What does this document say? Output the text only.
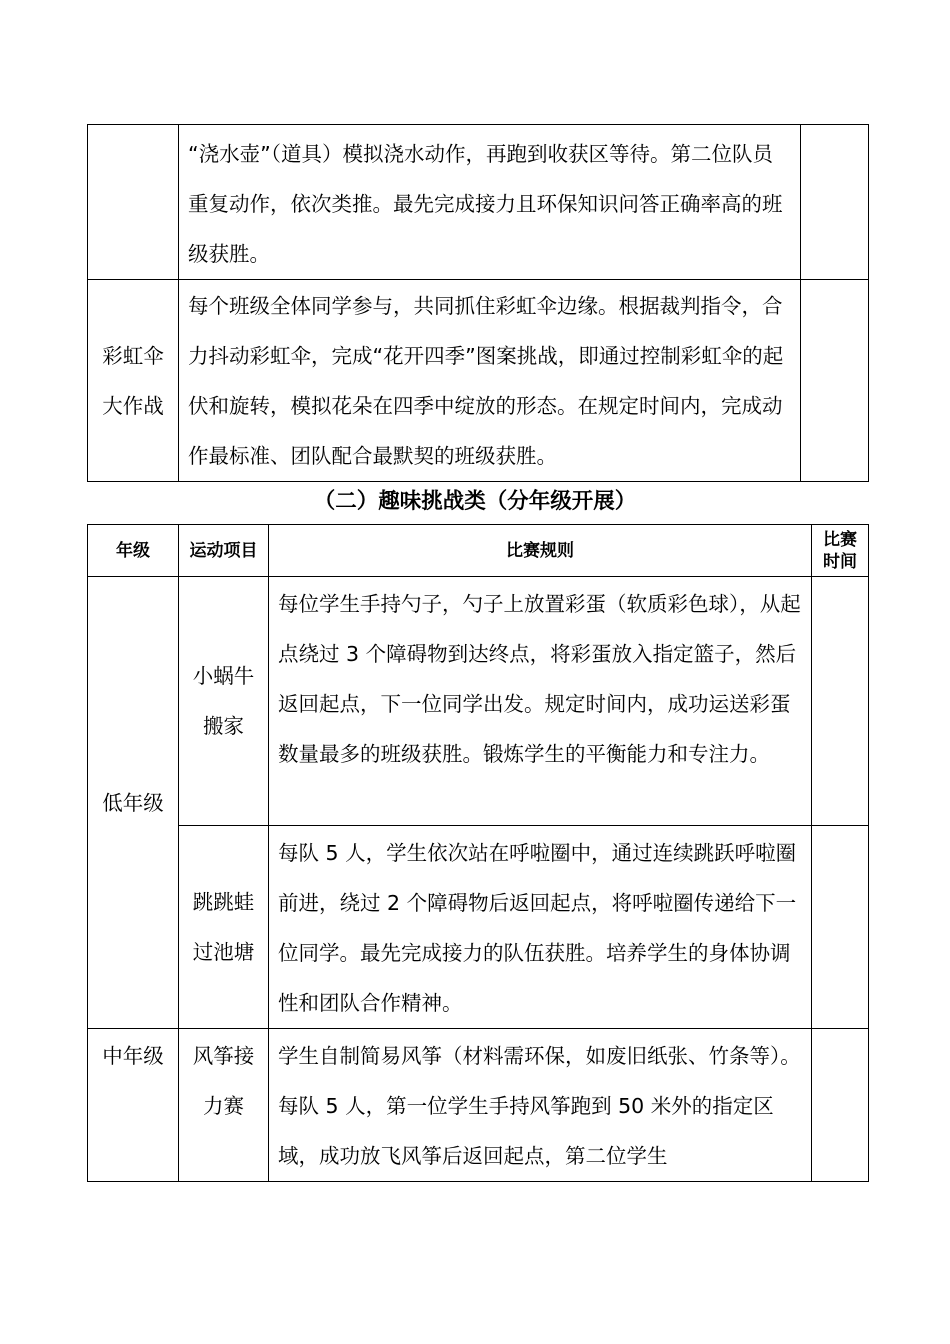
	“浇水壶”（道具）模拟浇水动作，再跑到收获区等待。第二位队员重复动作，依次类推。最先完成接力且环保知识问答正确率高的班级获胜。	
彩虹伞大作战	每个班级全体同学参与，共同抓住彩虹伞边缘。根据裁判指令，合力抖动彩虹伞，完成“花开四季”图案挑战，即通过控制彩虹伞的起伏和旋转，模拟花朵在四季中绽放的形态。在规定时间内，完成动作最标准、团队配合最默契的班级获胜。	
（二）趣味挑战类（分年级开展）
年级	运动项目	比赛规则	比赛时间
低年级	小蜗牛搬家	每位学生手持勺子，勺子上放置彩蛋（软质彩色球），从起点绕过 3 个障碍物到达终点，将彩蛋放入指定篮子，然后返回起点，下一位同学出发。规定时间内，成功运送彩蛋数量最多的班级获胜。锻炼学生的平衡能力和专注力。	
	跳跳蛙过池塘	每队 5 人，学生依次站在呼啦圈中，通过连续跳跃呼啦圈前进，绕过 2 个障碍物后返回起点，将呼啦圈传递给下一位同学。最先完成接力的队伍获胜。培养学生的身体协调性和团队合作精神。	
中年级	风筝接力赛	学生自制简易风筝（材料需环保，如废旧纸张、竹条等）。每队 5 人，第一位学生手持风筝跑到 50 米外的指定区域，成功放飞风筝后返回起点，第二位学生	
